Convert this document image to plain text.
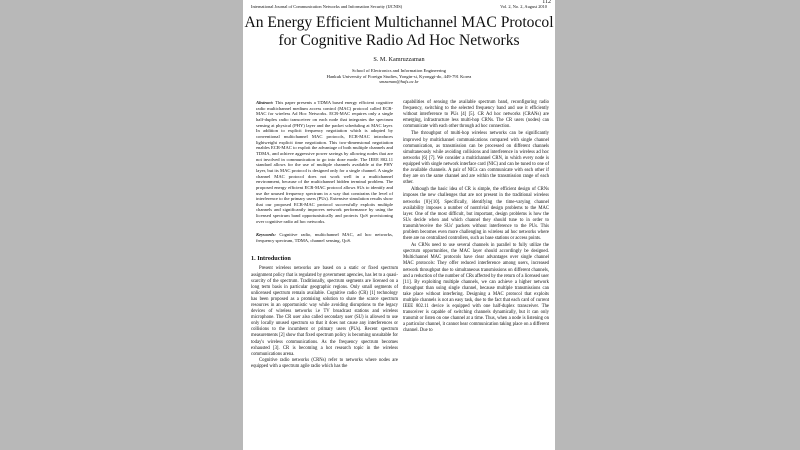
112
International Journal of Communication Networks and Information Security (IJCNIS)	Vol. 2, No. 2, August 2010
An Energy Efficient Multichannel MAC Protocol
for Cognitive Radio Ad Hoc Networks
S. M. Kamruzzaman
School of Electronics and Information Engineering
Hankuk University of Foreign Studies, Yongin-si, Kyonggi-do, 449-791 Korea
smzaman@hufs.ac.kr
Abstract: This paper presents a TDMA based energy efficient cognitive radio multichannel medium access control (MAC) protocol called ECR-MAC for wireless Ad Hoc Networks. ECR-MAC requires only a single half-duplex radio transceiver on each node that integrates the spectrum sensing at physical (PHY) layer and the packet scheduling at MAC layer. In addition to explicit frequency negotiation which is adopted by conventional multichannel MAC protocols, ECR-MAC introduces lightweight explicit time negotiation. This two-dimensional negotiation enables ECR-MAC to exploit the advantage of both multiple channels and TDMA, and achieve aggressive power savings by allowing nodes that are not involved in communication to go into doze mode. The IEEE 802.11 standard allows for the use of multiple channels available at the PHY layer, but its MAC protocol is designed only for a single channel. A single channel MAC protocol does not work well in a multichannel environment, because of the multichannel hidden terminal problem. The proposed energy efficient ECR-MAC protocol allows SUs to identify and use the unused frequency spectrum in a way that constrains the level of interference to the primary users (PUs). Extensive simulation results show that our proposed ECR-MAC protocol successfully exploits multiple channels and significantly improves network performance by using the licensed spectrum band opportunistically and protects QoS provisioning over cognitive radio ad hoc networks.
Keywords: Cognitive radio, multichannel MAC, ad hoc networks, frequency spectrum, TDMA, channel sensing, QoS.
1. Introduction

Present wireless networks are based on a static or fixed spectrum assignment policy that is regulated by government agencies, has let to a quasi-scarcity of the spectrum. Traditionally, spectrum segments are licensed on a long term basis in particular geographic regions. Only small segments of unlicensed spectrum remain available. Cognitive radio (CR) [1] technology has been proposed as a promising solution to share the scarce spectrum resources in an opportunistic way while avoiding disruptions to the legacy devices of wireless networks i.e TV broadcast stations and wireless microphone. The CR user also called secondary user (SU) is allowed to use only locally unused spectrum so that it does not cause any interferences or collisions to the incumbent or primary users (PUs). Recent spectrum measurements [2] show that fixed spectrum policy is becoming unsuitable for today's wireless communications. As the frequency spectrum becomes exhausted [3]. CR is becoming a hot research topic in the wireless communications arena.

Cognitive radio networks (CRNs) refer to networks where nodes are equipped with a spectrum agile radio which has the

capabilities of sensing the available spectrum band, reconfiguring radio frequency, switching to the selected frequency band and use it efficiently without interference to PUs [4] [5]. CR Ad hoc networks (CRANs) are emerging, infrastructure less multi-hop CRNs. The CR users (nodes) can communicate with each other through ad hoc connection.

The throughput of multi-hop wireless networks can be significantly improved by multichannel communications compared with single channel communication, as transmission can be processed on different channels simultaneously while avoiding collisions and interference in wireless ad hoc networks [6] [7]. We consider a multichannel CRN, in which every node is equipped with single network interface card (NIC) and can be tuned to one of the available channels. A pair of NICs can communicate with each other if they are on the same channel and are within the transmission range of each other.

Although the basic idea of CR is simple, the efficient design of CRNs imposes the new challenges that are not present in the traditional wireless networks [8]-[10]. Specifically, identifying the time-varying channel availability imposes a number of nontrivial design problems to the MAC layer. One of the most difficult, but important, design problems is how the SUs decide when and which channel they should tune to in order to transmit/receive the SUs' packets without interference to the PUs. This problem becomes even more challenging in wireless ad hoc networks where there are no centralized controllers, such as base stations or access points.

As CRNs need to use several channels in parallel to fully utilize the spectrum opportunities, the MAC layer should accordingly be designed. Multichannel MAC protocols have clear advantages over single channel MAC protocols: They offer reduced interference among users, increased network throughput due to simultaneous transmissions on different channels, and a reduction of the number of CRs affected by the return of a licensed user [11]. By exploiting multiple channels, we can achieve a higher network throughput than using single channel, because multiple transmissions can take place without interfering. Designing a MAC protocol that exploits multiple channels is not an easy task, due to the fact that each card of current IEEE 802.11 device is equipped with one half-duplex transceiver. The transceiver is capable of switching channels dynamically, but it can only transmit or listen on one channel at a time. Thus, when a node is listening on a particular channel, it cannot hear communication taking place on a different channel. Due to
